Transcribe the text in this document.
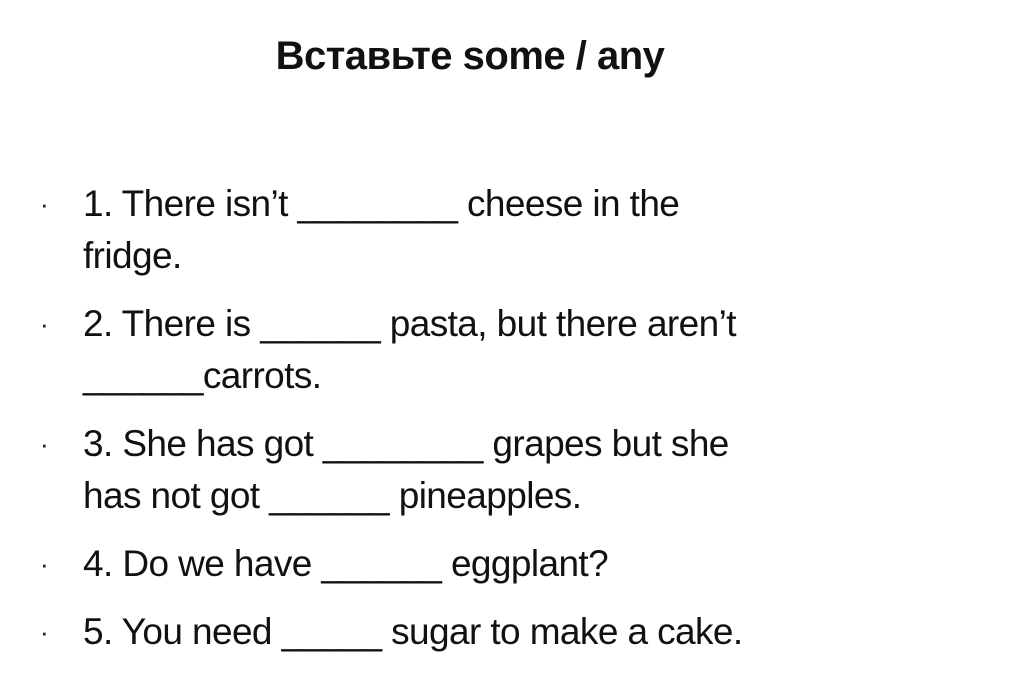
Вставьте some / any
· 1. There isn’t ________ cheese in the
fridge.
· 2. There is ______ pasta, but there aren’t
______carrots.
· 3. She has got ________ grapes but she
has not got ______ pineapples.
· 4. Do we have ______ eggplant?
· 5. You need _____ sugar to make a cake.
